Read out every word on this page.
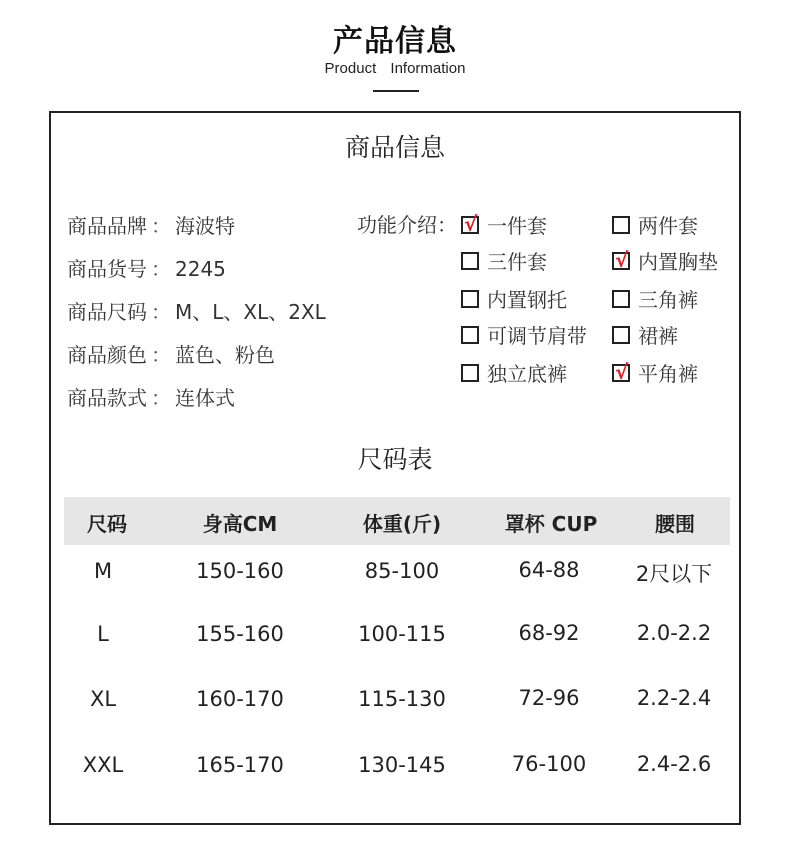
产品信息
Product Information
商品信息
商品品牌 ： 海波特
商品货号 ： 2245
商品尺码 ： M、L、XL、2XL
商品颜色 ： 蓝色、粉色
商品款式 ： 连体式
功能介绍： √ 一件套	两件套
三件套	√ 内置胸垫
内置钢托	三角裤
可调节肩带	裙裤
独立底裤 √ 平角裤
尺码表
尺码	身高CM	体重(斤)	罩杯 CUP	腰围
M	150-160	85-100	64-88	2尺以下
L	155-160	100-115	68-92	2.0-2.2
XL	160-170	115-130	72-96	2.2-2.4
XXL	165-170	130-145	76-100	2.4-2.6
